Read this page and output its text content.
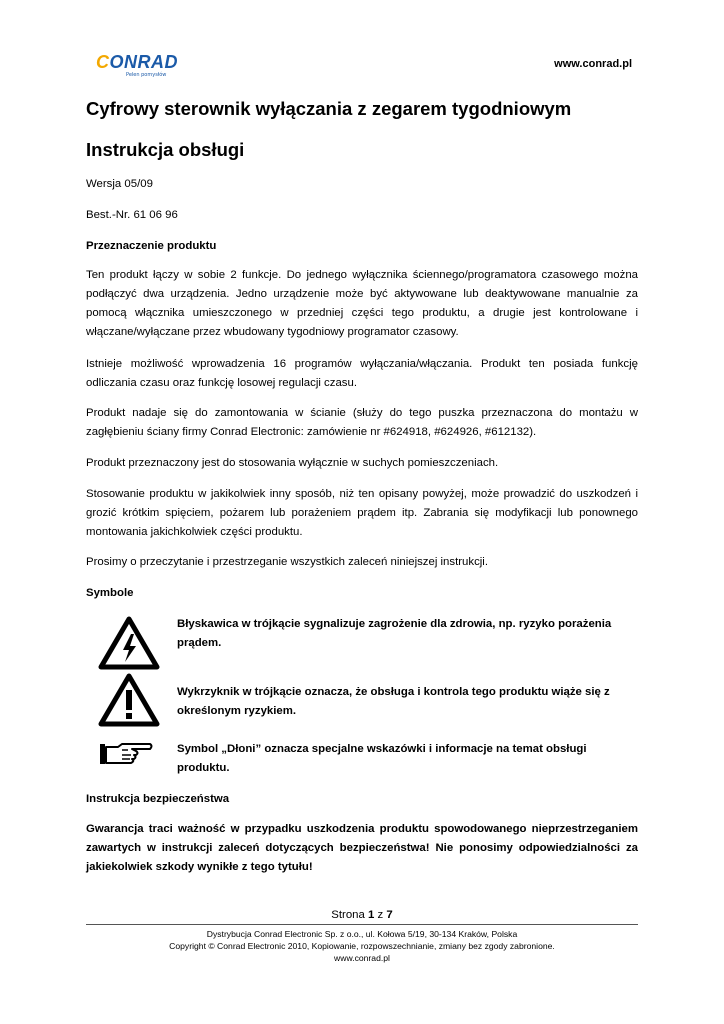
CONRAD
Pelen pomysłów
www.conrad.pl
Cyfrowy sterownik wyłączania z zegarem tygodniowym
Instrukcja obsługi
Wersja 05/09
Best.-Nr. 61 06 96
Przeznaczenie produktu
Ten produkt łączy w sobie 2 funkcje. Do jednego wyłącznika ściennego/programatora czasowego można podłączyć dwa urządzenia. Jedno urządzenie może być aktywowane lub deaktywowane manualnie za pomocą włącznika umieszczonego w przedniej części tego produktu, a drugie jest kontrolowane i włączane/wyłączane przez wbudowany tygodniowy programator czasowy.
Istnieje możliwość wprowadzenia 16 programów wyłączania/włączania. Produkt ten posiada funkcję odliczania czasu oraz funkcję losowej regulacji czasu.
Produkt nadaje się do zamontowania w ścianie (służy do tego puszka przeznaczona do montażu w zagłębieniu ściany firmy Conrad Electronic: zamówienie nr #624918, #624926, #612132).
Produkt przeznaczony jest do stosowania wyłącznie w suchych pomieszczeniach.
Stosowanie produktu w jakikolwiek inny sposób, niż ten opisany powyżej, może prowadzić do uszkodzeń i grozić krótkim spięciem, pożarem lub porażeniem prądem itp. Zabrania się modyfikacji lub ponownego montowania jakichkolwiek części produktu.
Prosimy o przeczytanie i przestrzeganie wszystkich zaleceń niniejszej instrukcji.
Symbole
Błyskawica w trójkącie sygnalizuje zagrożenie dla zdrowia, np. ryzyko porażenia prądem.
Wykrzyknik w trójkącie oznacza, że obsługa i kontrola tego produktu wiąże się z określonym ryzykiem.
Symbol „Dłoni” oznacza specjalne wskazówki i informacje na temat obsługi produktu.
Instrukcja bezpieczeństwa
Gwarancja traci ważność w przypadku uszkodzenia produktu spowodowanego nieprzestrzeganiem zawartych w instrukcji zaleceń dotyczących bezpieczeństwa! Nie ponosimy odpowiedzialności za jakiekolwiek szkody wynikłe z tego tytułu!
Strona 1 z 7
Dystrybucja Conrad Electronic Sp. z o.o., ul. Kołowa 5/19, 30-134 Kraków, Polska
Copyright © Conrad Electronic 2010, Kopiowanie, rozpowszechnianie, zmiany bez zgody zabronione.
www.conrad.pl
